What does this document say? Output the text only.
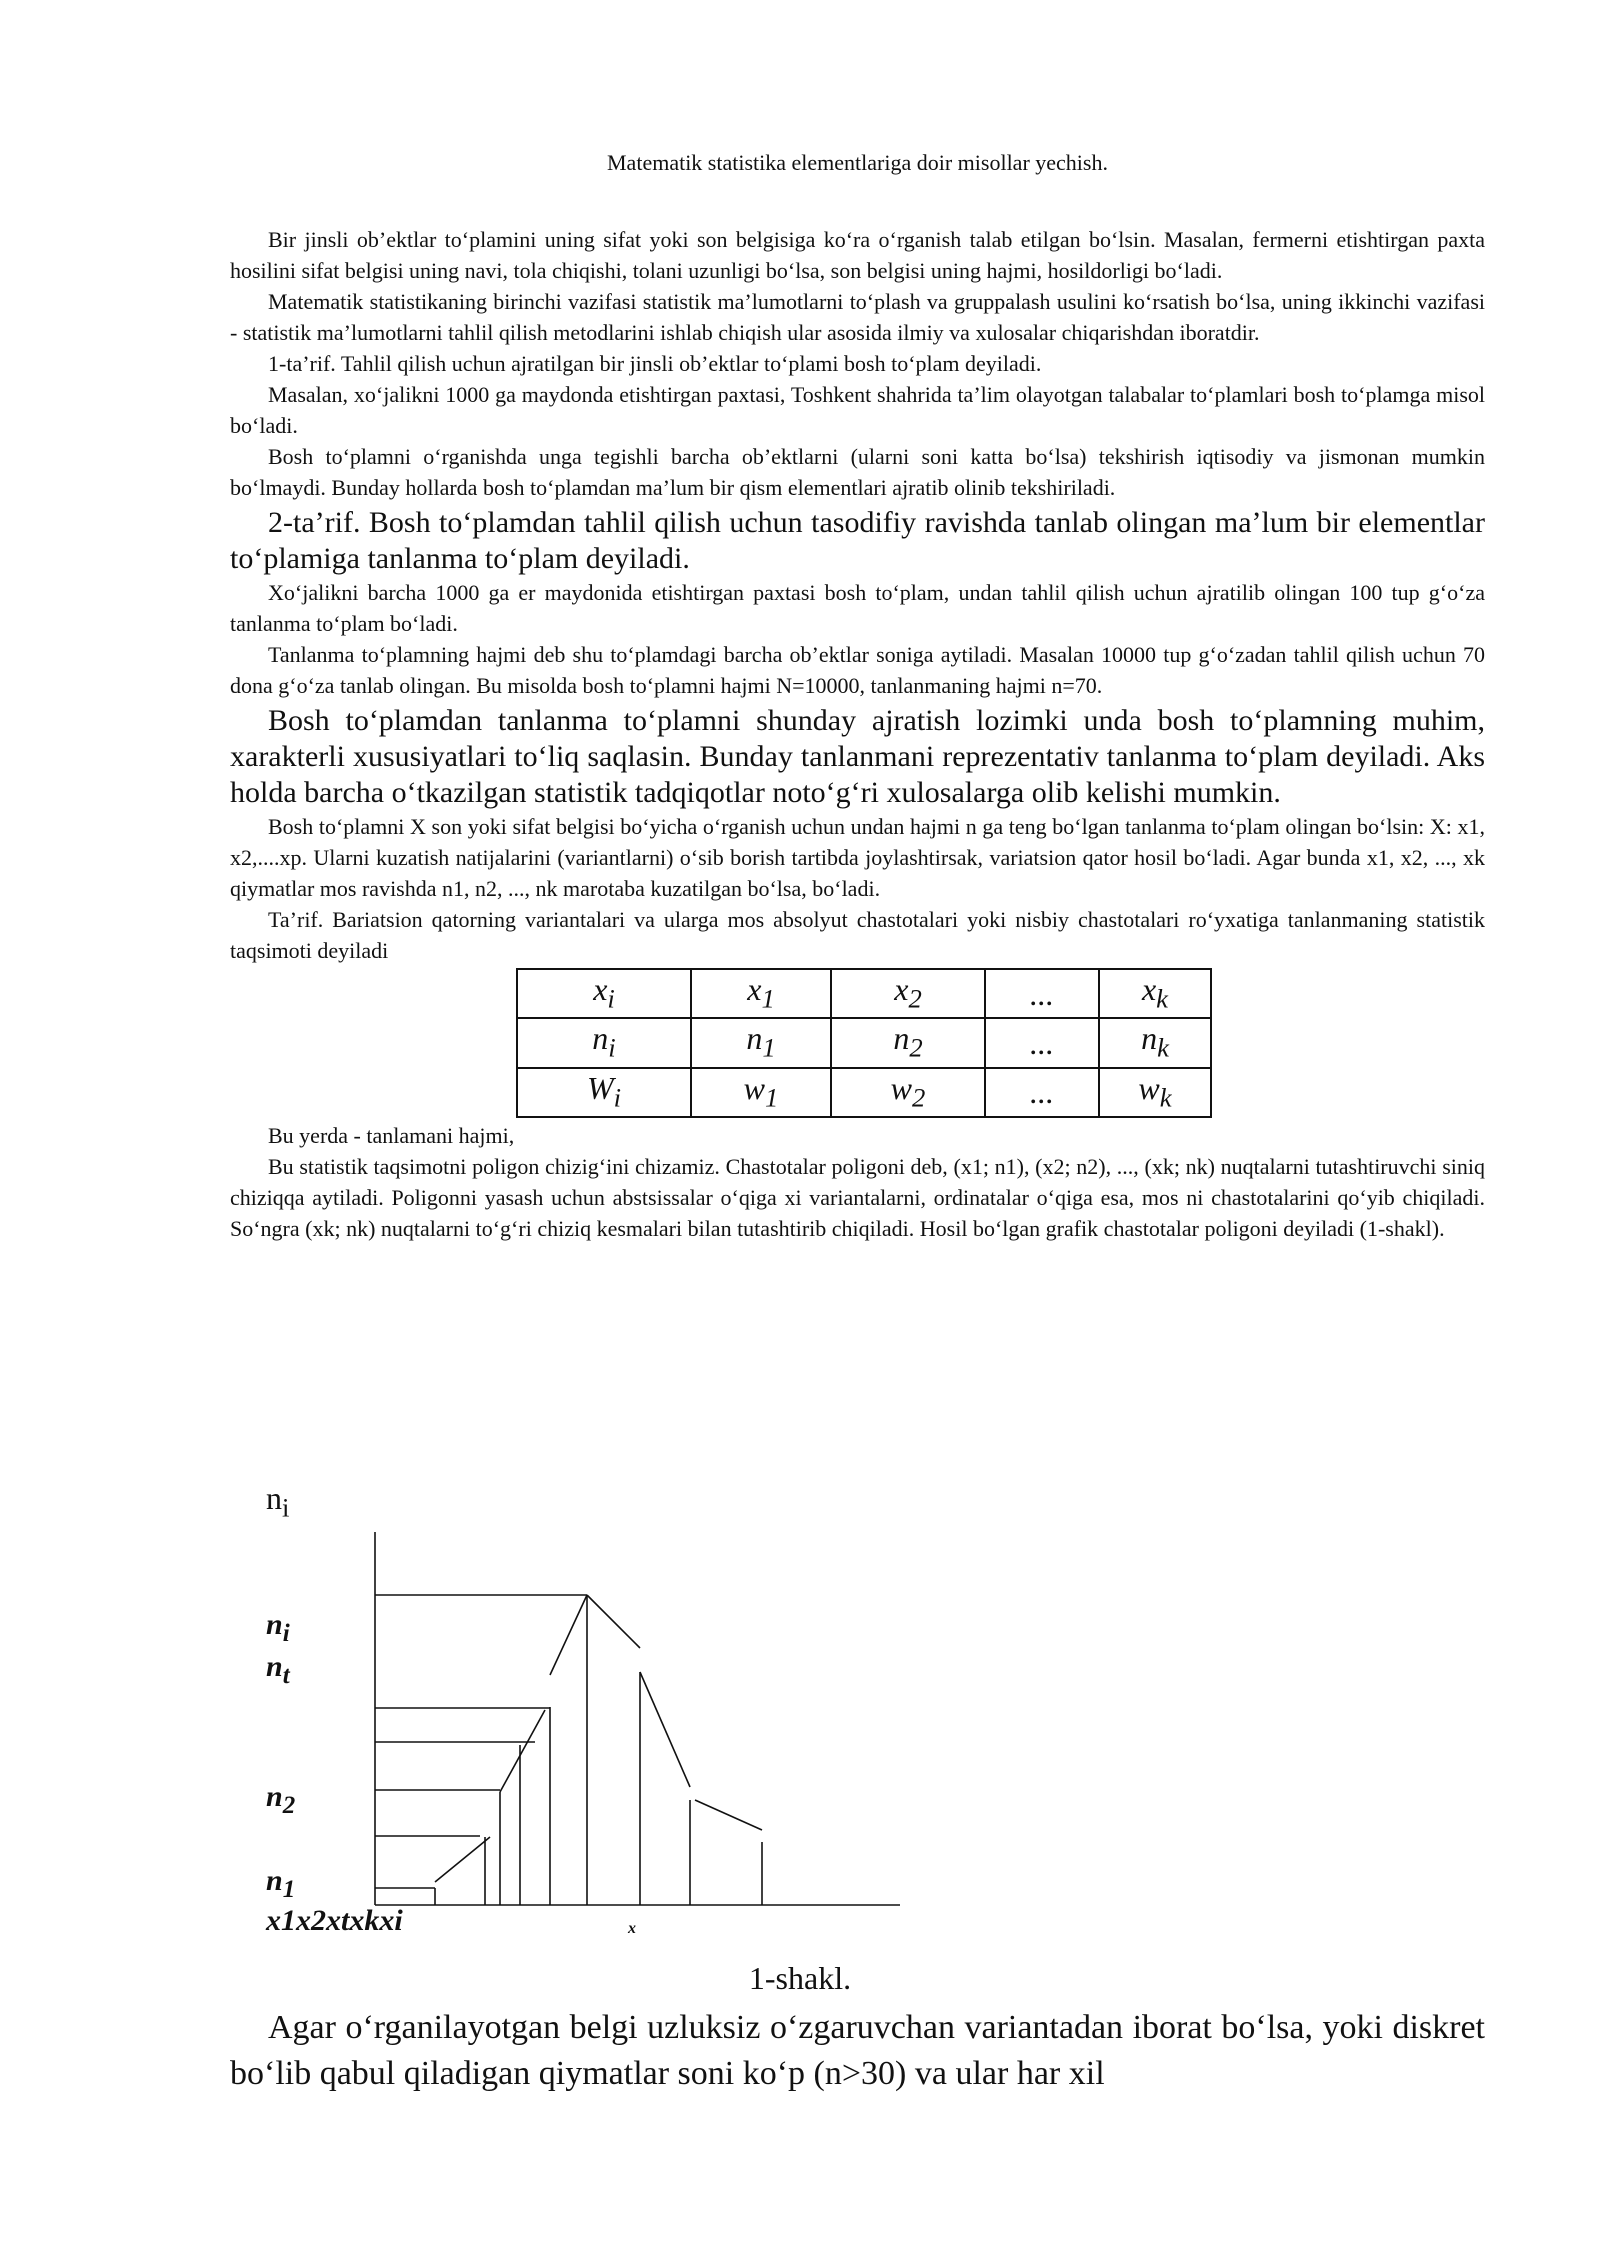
Matematik statistika elementlariga doir misollar yechish.

Bir jinsli ob’ektlar to‘plamini uning sifat yoki son belgisiga ko‘ra o‘rganish talab etilgan bo‘lsin. Masalan, fermerni etishtirgan paxta hosilini sifat belgisi uning navi, tola chiqishi, tolani uzunligi bo‘lsa, son belgisi uning hajmi, hosildorligi bo‘ladi.

Matematik statistikaning birinchi vazifasi statistik ma’lumotlarni to‘plash va gruppalash usulini ko‘rsatish bo‘lsa, uning ikkinchi vazifasi - statistik ma’lumotlarni tahlil qilish metodlarini ishlab chiqish ular asosida ilmiy va xulosalar chiqarishdan iboratdir.

1-ta’rif. Tahlil qilish uchun ajratilgan bir jinsli ob’ektlar to‘plami bosh to‘plam deyiladi.

Masalan, xo‘jalikni 1000 ga maydonda etishtirgan paxtasi, Toshkent shahrida ta’lim olayotgan talabalar to‘plamlari bosh to‘plamga misol bo‘ladi.

Bosh to‘plamni o‘rganishda unga tegishli barcha ob’ektlarni (ularni soni katta bo‘lsa) tekshirish iqtisodiy va jismonan mumkin bo‘lmaydi. Bunday hollarda bosh to‘plamdan ma’lum bir qism elementlari ajratib olinib tekshiriladi.

2-ta’rif. Bosh to‘plamdan tahlil qilish uchun tasodifiy ravishda tanlab olingan ma’lum bir elementlar to‘plamiga tanlanma to‘plam deyiladi.

Xo‘jalikni barcha 1000 ga er maydonida etishtirgan paxtasi bosh to‘plam, undan tahlil qilish uchun ajratilib olingan 100 tup g‘o‘za tanlanma to‘plam bo‘ladi.

Tanlanma to‘plamning hajmi deb shu to‘plamdagi barcha ob’ektlar soniga aytiladi. Masalan 10000 tup g‘o‘zadan tahlil qilish uchun 70 dona g‘o‘za tanlab olingan. Bu misolda bosh to‘plamni hajmi N=10000, tanlanmaning hajmi n=70.

Bosh to‘plamdan tanlanma to‘plamni shunday ajratish lozimki unda bosh to‘plamning muhim, xarakterli xususiyatlari to‘liq saqlasin. Bunday tanlanmani reprezentativ tanlanma to‘plam deyiladi. Aks holda barcha o‘tkazilgan statistik tadqiqotlar noto‘g‘ri xulosalarga olib kelishi mumkin.

Bosh to‘plamni X son yoki sifat belgisi bo‘yicha o‘rganish uchun undan hajmi n ga teng bo‘lgan tanlanma to‘plam olingan bo‘lsin: X: x1, x2,....xp. Ularni kuzatish natijalarini (variantlarni) o‘sib borish tartibda joylashtirsak, variatsion qator hosil bo‘ladi. Agar bunda x1, x2, ..., xk qiymatlar mos ravishda n1, n2, ..., nk marotaba kuzatilgan bo‘lsa, bo‘ladi.

Ta’rif. Bariatsion qatorning variantalari va ularga mos absolyut chastotalari yoki nisbiy chastotalari ro‘yxatiga tanlanmaning statistik taqsimoti deyiladi

$x_i$	$x_1$	$x_2$	...	$x_k$
$n_i$	$n_1$	$n_2$	...	$n_k$
$W_i$	$w_1$	$w_2$	...	$w_k$

Bu yerda - tanlamani hajmi,

Bu statistik taqsimotni poligon chizig‘ini chizamiz. Chastotalar poligoni deb, (x1; n1), (x2; n2), ..., (xk; nk) nuqtalarni tutashtiruvchi siniq chiziqqa aytiladi. Poligonni yasash uchun abstsissalar o‘qiga xi variantalarni, ordinatalar o‘qiga esa, mos ni chastotalarini qo‘yib chiqiladi. So‘ngra (xk; nk) nuqtalarni to‘g‘ri chiziq kesmalari bilan tutashtirib chiqiladi. Hosil bo‘lgan grafik chastotalar poligoni deyiladi (1-shakl).

$n_i$
$n_i$
$n_t$
$n_2$
$n_1$
x1x2xtxkxi	x
1-shakl.

Agar o‘rganilayotgan belgi uzluksiz o‘zgaruvchan variantadan iborat bo‘lsa, yoki diskret bo‘lib qabul qiladigan qiymatlar soni ko‘p (n>30) va ular har xil
